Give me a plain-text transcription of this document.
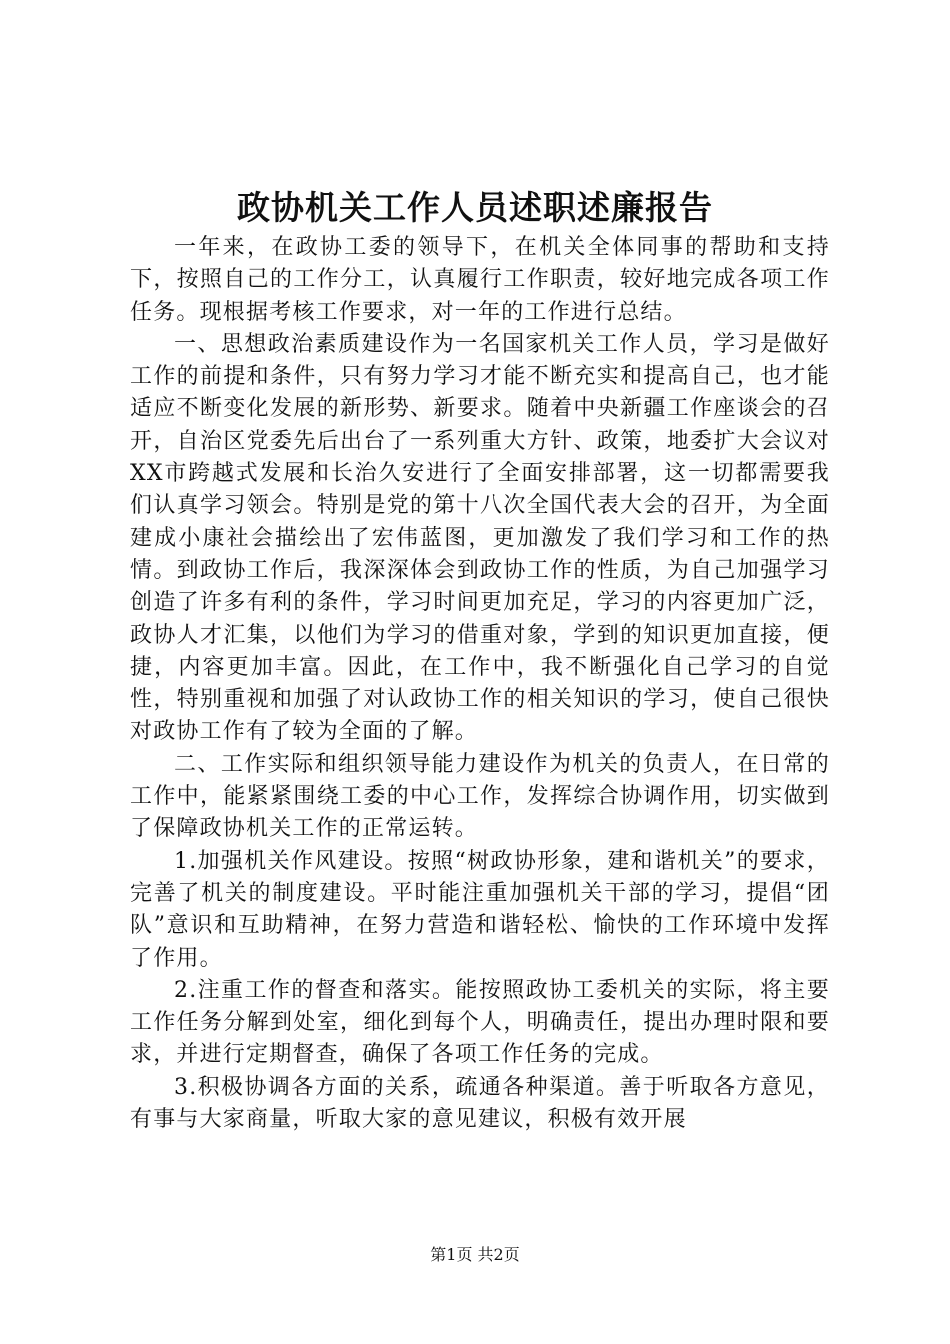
政协机关工作人员述职述廉报告

一年来，在政协工委的领导下，在机关全体同事的帮助和支持下，按照自己的工作分工，认真履行工作职责，较好地完成各项工作任务。现根据考核工作要求，对一年的工作进行总结。

一、思想政治素质建设作为一名国家机关工作人员，学习是做好工作的前提和条件，只有努力学习才能不断充实和提高自己，也才能适应不断变化发展的新形势、新要求。随着中央新疆工作座谈会的召开，自治区党委先后出台了一系列重大方针、政策，地委扩大会议对XX市跨越式发展和长治久安进行了全面安排部署，这一切都需要我们认真学习领会。特别是党的第十八次全国代表大会的召开，为全面建成小康社会描绘出了宏伟蓝图，更加激发了我们学习和工作的热情。到政协工作后，我深深体会到政协工作的性质，为自己加强学习创造了许多有利的条件，学习时间更加充足，学习的内容更加广泛，政协人才汇集，以他们为学习的借重对象，学到的知识更加直接，便捷，内容更加丰富。因此，在工作中，我不断强化自己学习的自觉性，特别重视和加强了对认政协工作的相关知识的学习，使自己很快对政协工作有了较为全面的了解。

二、工作实际和组织领导能力建设作为机关的负责人，在日常的工作中，能紧紧围绕工委的中心工作，发挥综合协调作用，切实做到了保障政协机关工作的正常运转。

1.加强机关作风建设。按照“树政协形象，建和谐机关”的要求，完善了机关的制度建设。平时能注重加强机关干部的学习，提倡“团队”意识和互助精神，在努力营造和谐轻松、愉快的工作环境中发挥了作用。

2.注重工作的督查和落实。能按照政协工委机关的实际，将主要工作任务分解到处室，细化到每个人，明确责任，提出办理时限和要求，并进行定期督查，确保了各项工作任务的完成。

3.积极协调各方面的关系，疏通各种渠道。善于听取各方意见，有事与大家商量，听取大家的意见建议，积极有效开展

第1页 共2页
